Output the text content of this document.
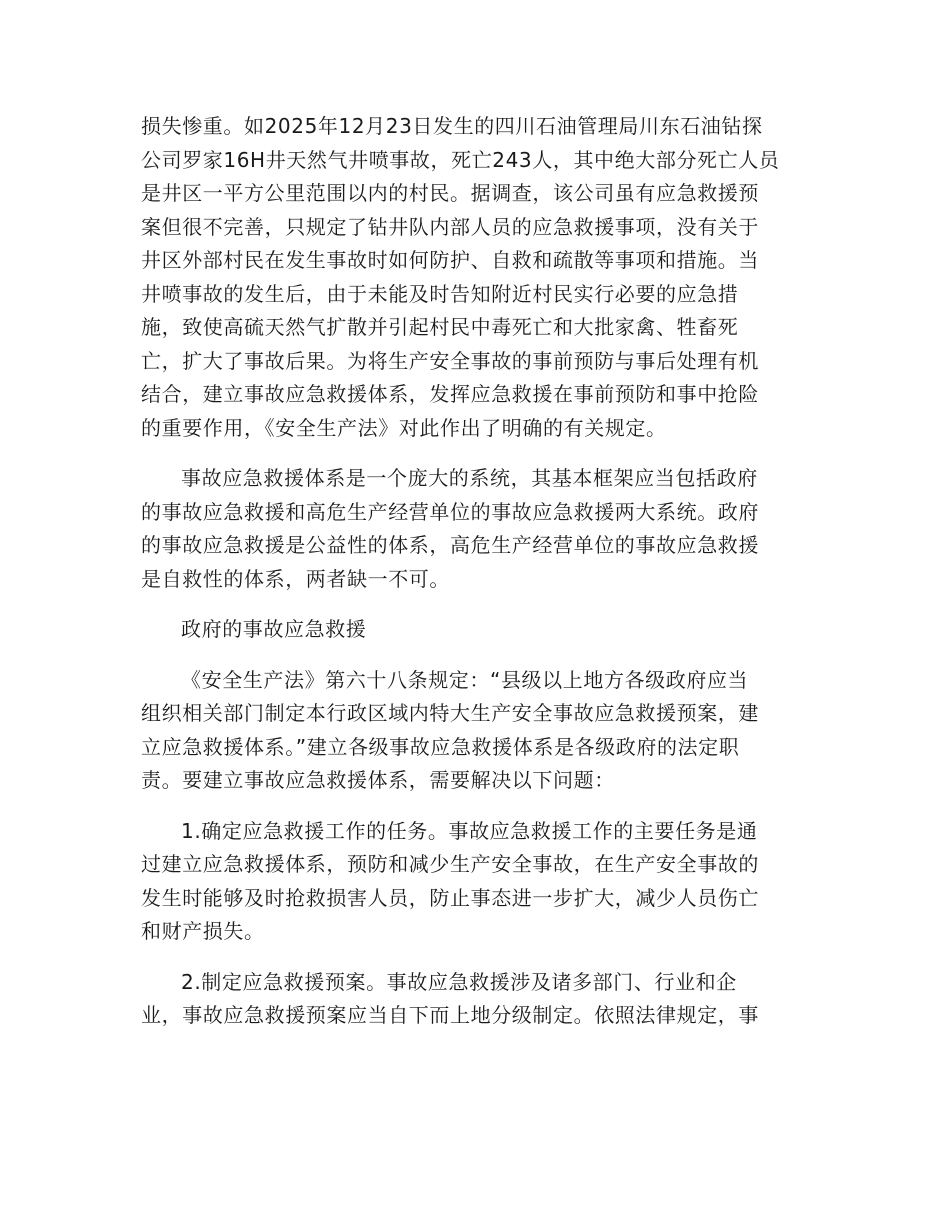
损失惨重。如2025年12月23日发生的四川石油管理局川东石油钻探
公司罗家16H井天然气井喷事故，死亡243人，其中绝大部分死亡人员
是井区一平方公里范围以内的村民。据调查，该公司虽有应急救援预
案但很不完善，只规定了钻井队内部人员的应急救援事项，没有关于
井区外部村民在发生事故时如何防护、自救和疏散等事项和措施。当
井喷事故的发生后，由于未能及时告知附近村民实行必要的应急措
施，致使高硫天然气扩散并引起村民中毒死亡和大批家禽、牲畜死
亡，扩大了事故后果。为将生产安全事故的事前预防与事后处理有机
结合，建立事故应急救援体系，发挥应急救援在事前预防和事中抢险
的重要作用，《安全生产法》对此作出了明确的有关规定。
事故应急救援体系是一个庞大的系统，其基本框架应当包括政府
的事故应急救援和高危生产经营单位的事故应急救援两大系统。政府
的事故应急救援是公益性的体系，高危生产经营单位的事故应急救援
是自救性的体系，两者缺一不可。
政府的事故应急救援
《安全生产法》第六十八条规定：“县级以上地方各级政府应当
组织相关部门制定本行政区域内特大生产安全事故应急救援预案，建
立应急救援体系。”建立各级事故应急救援体系是各级政府的法定职
责。要建立事故应急救援体系，需要解决以下问题：
1.确定应急救援工作的任务。事故应急救援工作的主要任务是通
过建立应急救援体系，预防和减少生产安全事故，在生产安全事故的
发生时能够及时抢救损害人员，防止事态进一步扩大，减少人员伤亡
和财产损失。
2.制定应急救援预案。事故应急救援涉及诸多部门、行业和企
业，事故应急救援预案应当自下而上地分级制定。依照法律规定，事
